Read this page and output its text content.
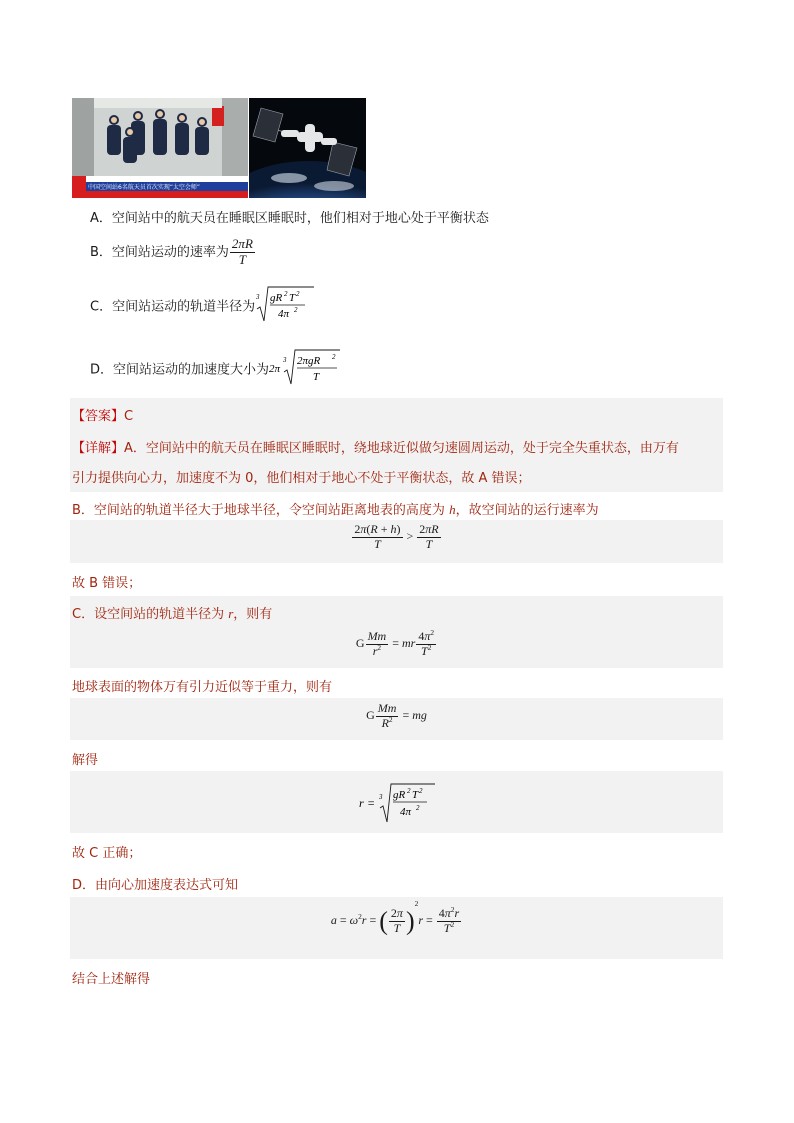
中国空间站6名航天员首次实现“太空会师”
A．空间站中的航天员在睡眠区睡眠时，他们相对于地心处于平衡状态
B．空间站运动的速率为 $\frac{2\pi R}{T}$
C．空间站运动的轨道半径为
3 gR 2 T 2
4π 2
D．空间站运动的加速度大小为 2π
3 2πgR 2
T
【答案】C
【详解】A．空间站中的航天员在睡眠区睡眠时，绕地球近似做匀速圆周运动，处于完全失重状态，由万有
引力提供向心力，加速度不为 0，他们相对于地心不处于平衡状态，故 A 错误；
B．空间站的轨道半径大于地球半径，令空间站距离地表的高度为 h，故空间站的运行速率为
$\frac{2\pi(R + h)}{T} > \frac{2\pi R}{T}$
故 B 错误；
C．设空间站的轨道半径为 r，则有
G $\frac{Mm}{r^2}$ = mr $\frac{4\pi^2}{T^2}$
地球表面的物体万有引力近似等于重力，则有
G $\frac{Mm}{R^2}$ = mg
解得
r = 3 gR 2 T 2
4π 2
故 C 正确；
D．由向心加速度表达式可知
$a = \omega^2r$ = ( $\frac{2\pi}{T} )^2r = \frac{4\pi^2r}{T^2}$
结合上述解得
